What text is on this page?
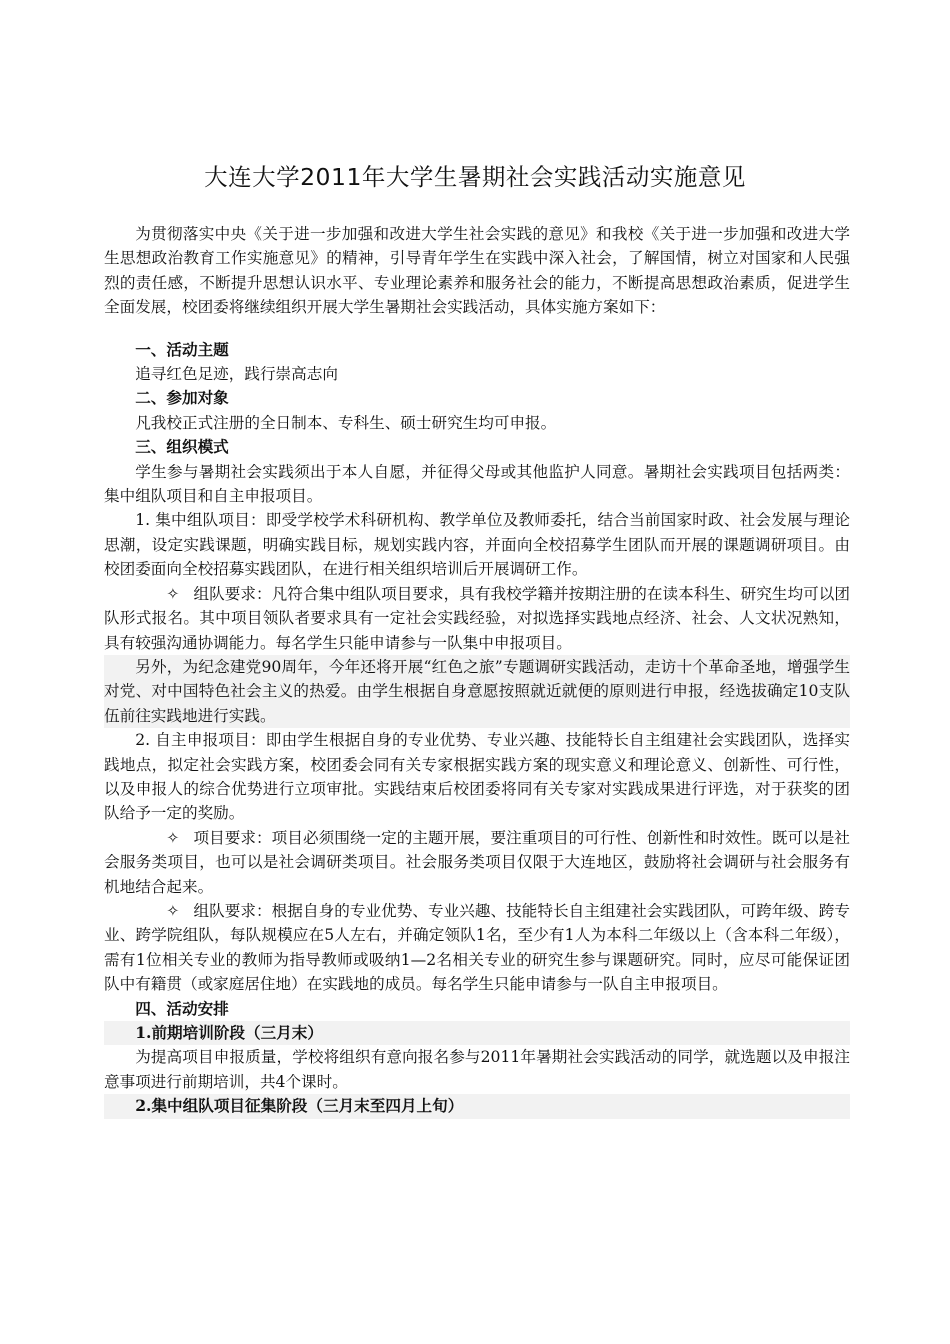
大连大学2011年大学生暑期社会实践活动实施意见

为贯彻落实中央《关于进一步加强和改进大学生社会实践的意见》和我校《关于进一步加强和改进大学生思想政治教育工作实施意见》的精神，引导青年学生在实践中深入社会，了解国情，树立对国家和人民强烈的责任感，不断提升思想认识水平、专业理论素养和服务社会的能力，不断提高思想政治素质，促进学生全面发展，校团委将继续组织开展大学生暑期社会实践活动，具体实施方案如下：

一、活动主题

追寻红色足迹，践行崇高志向

二、参加对象

凡我校正式注册的全日制本、专科生、硕士研究生均可申报。

三、组织模式

学生参与暑期社会实践须出于本人自愿，并征得父母或其他监护人同意。暑期社会实践项目包括两类：集中组队项目和自主申报项目。

1. 集中组队项目：即受学校学术科研机构、教学单位及教师委托，结合当前国家时政、社会发展与理论思潮，设定实践课题，明确实践目标，规划实践内容，并面向全校招募学生团队而开展的课题调研项目。由校团委面向全校招募实践团队，在进行相关组织培训后开展调研工作。

✧ 组队要求：凡符合集中组队项目要求，具有我校学籍并按期注册的在读本科生、研究生均可以团队形式报名。其中项目领队者要求具有一定社会实践经验，对拟选择实践地点经济、社会、人文状况熟知，具有较强沟通协调能力。每名学生只能申请参与一队集中申报项目。

另外，为纪念建党90周年，今年还将开展“红色之旅”专题调研实践活动，走访十个革命圣地，增强学生对党、对中国特色社会主义的热爱。由学生根据自身意愿按照就近就便的原则进行申报，经选拔确定10支队伍前往实践地进行实践。

2. 自主申报项目：即由学生根据自身的专业优势、专业兴趣、技能特长自主组建社会实践团队，选择实践地点，拟定社会实践方案，校团委会同有关专家根据实践方案的现实意义和理论意义、创新性、可行性，以及申报人的综合优势进行立项审批。实践结束后校团委将同有关专家对实践成果进行评选，对于获奖的团队给予一定的奖励。

✧ 项目要求：项目必须围绕一定的主题开展，要注重项目的可行性、创新性和时效性。既可以是社会服务类项目，也可以是社会调研类项目。社会服务类项目仅限于大连地区，鼓励将社会调研与社会服务有机地结合起来。

✧ 组队要求：根据自身的专业优势、专业兴趣、技能特长自主组建社会实践团队，可跨年级、跨专业、跨学院组队，每队规模应在5人左右，并确定领队1名，至少有1人为本科二年级以上（含本科二年级），需有1位相关专业的教师为指导教师或吸纳1—2名相关专业的研究生参与课题研究。同时，应尽可能保证团队中有籍贯（或家庭居住地）在实践地的成员。每名学生只能申请参与一队自主申报项目。

四、活动安排

1.前期培训阶段（三月末）

为提高项目申报质量，学校将组织有意向报名参与2011年暑期社会实践活动的同学，就选题以及申报注意事项进行前期培训，共4个课时。

2.集中组队项目征集阶段（三月末至四月上旬）
